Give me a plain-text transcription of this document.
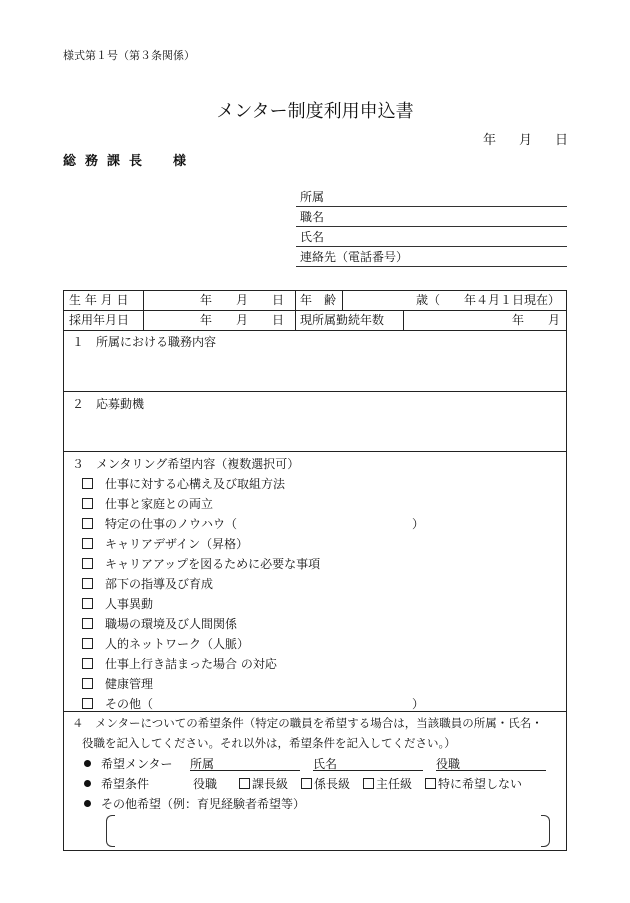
様式第１号（第３条関係）
メンター制度利用申込書
年 月 日
総務課長 様
所属
職名
氏名
連絡先（電話番号）
生 年 月 日	年　　月　　日 年　齢	歳（　　年４月１日現在）
採用年月日	年　　月　　日 現所属勤続年数	年　　月
１　所属における職務内容
２　応募動機
３　メンタリング希望内容（複数選択可）
仕事に対する心構え及び取組方法
仕事と家庭との両立
特定の仕事のノウハウ（	）
キャリアデザイン（昇格）
キャリアアップを図るために必要な事項
部下の指導及び育成
人事異動
職場の環境及び人間関係
人的ネットワーク（人脈）
仕事上行き詰まった場合 の対応
健康管理
その他（	）
４　メンターについての希望条件（特定の職員を希望する場合は，当該職員の所属・氏名・
役職を記入してください。それ以外は，希望条件を記入してください。）
希望メンター 所属	氏名	役職
希望条件	役職	課長級	係長級	主任級	特に希望しない
その他希望（例：育児経験者希望等）
